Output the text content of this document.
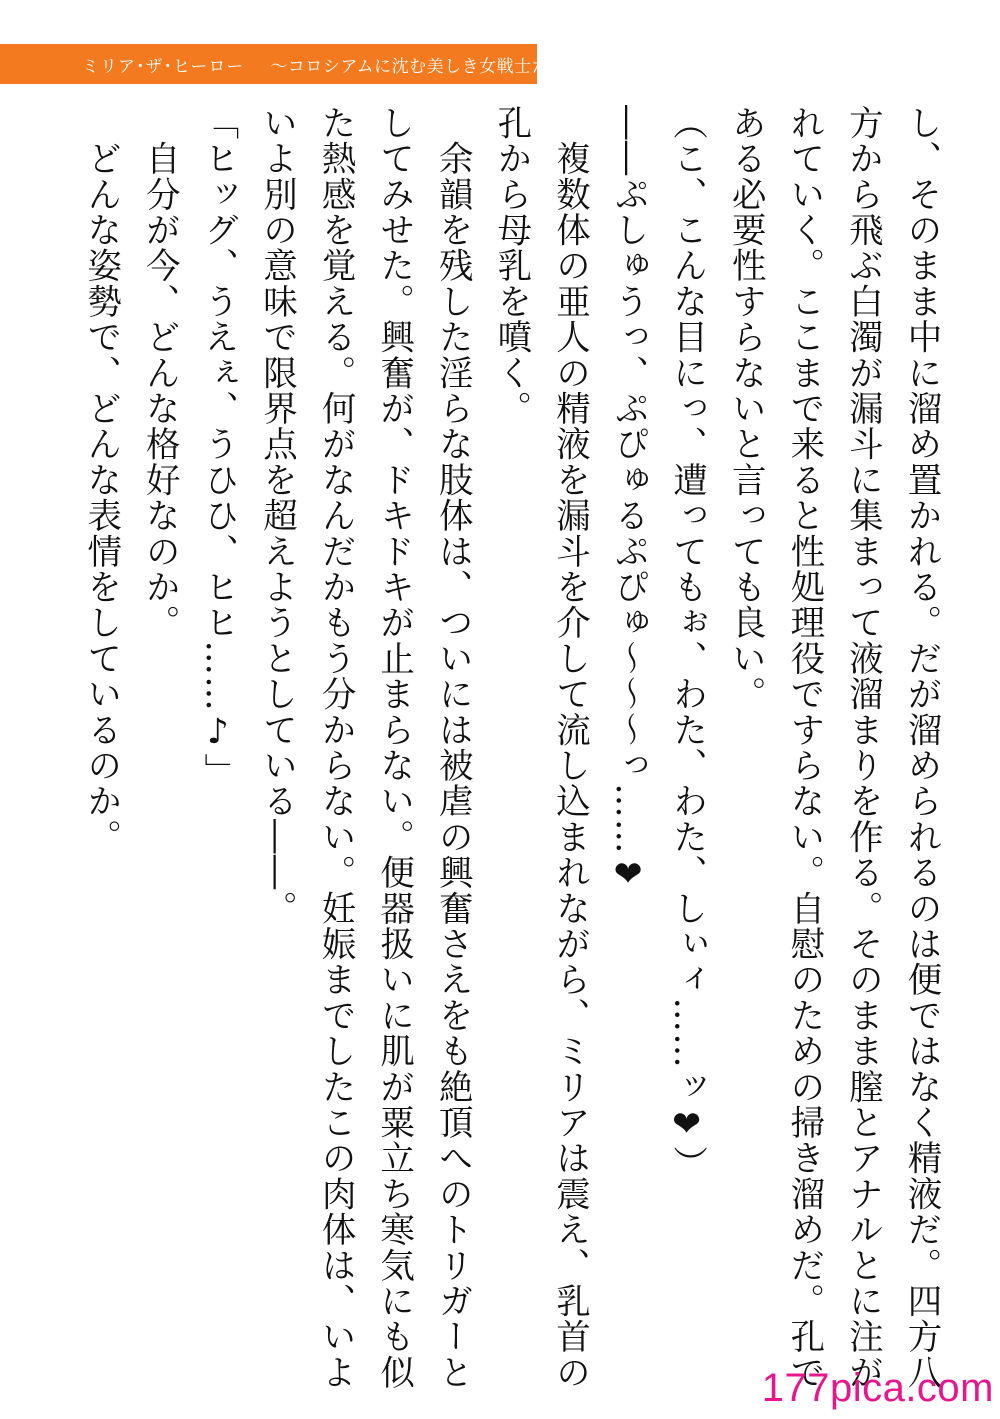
ミリア･ザ･ヒーロー ～コロシアムに沈む美しき女戦士たち～

し、そのまま中に溜め置かれる。だが溜められるのは便ではなく精液だ。四方八

方から飛ぶ白濁が漏斗に集まって液溜まりを作る。そのまま膣とアナルとに注が

れていく。ここまで来ると性処理役ですらない。自慰のための掃き溜めだ。孔で

ある必要性すらないと言っても良い。

（こ、こんな目にっ、遭ってもぉ、わた、わた、しぃィ……ッ❤）

――ぷしゅうっ、ぷぴゅるぷぴゅ～～～っ……❤

　複数体の亜人の精液を漏斗を介して流し込まれながら、ミリアは震え、乳首の

孔から母乳を噴く。

　余韻を残した淫らな肢体は、ついには被虐の興奮さえをも絶頂へのトリガーと

してみせた。興奮が、ドキドキが止まらない。便器扱いに肌が粟立ち寒気にも似

た熱感を覚える。何がなんだかもう分からない。妊娠までしたこの肉体は、いよ

いよ別の意味で限界点を超えようとしている――。

「ヒッグ、うえぇ、うひひ、ヒヒ……♪」

　自分が今、どんな格好なのか。

　どんな姿勢で、どんな表情をしているのか。

177pica.com
